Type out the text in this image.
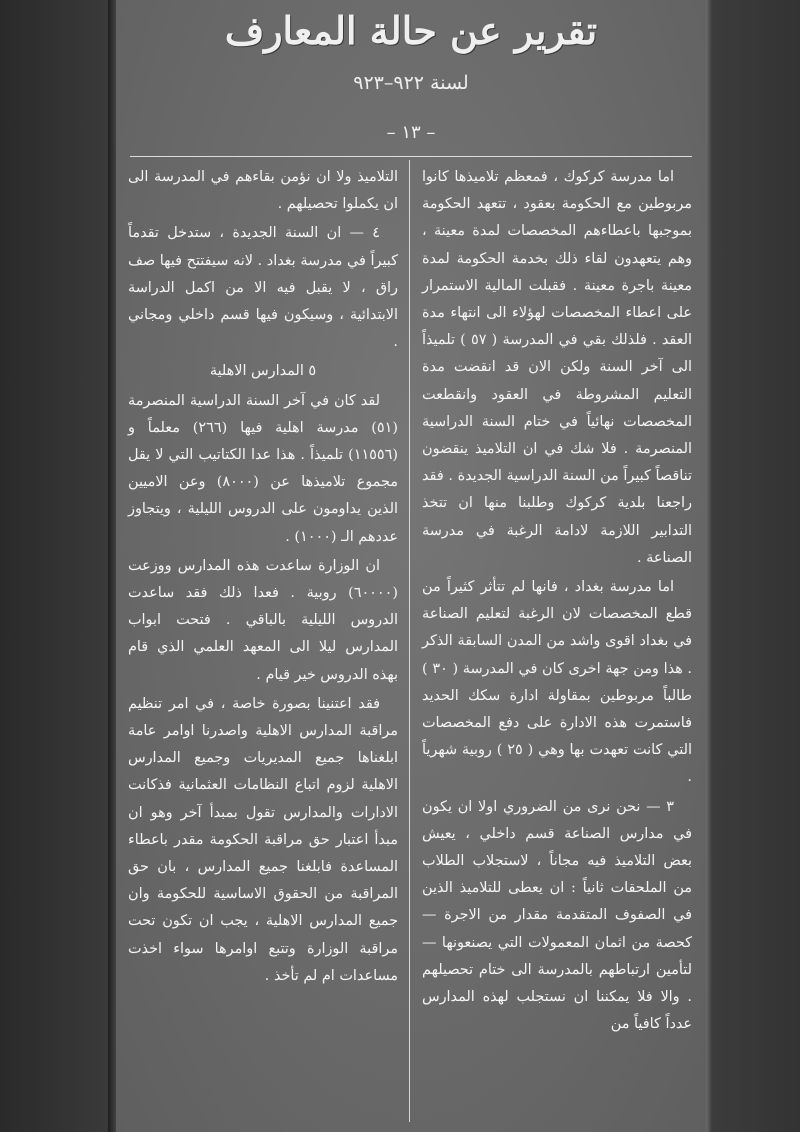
تقرير عن حالة المعارف
لسنة ٩٢٢–٩٢٣
– ١٣ –

اما مدرسة كركوك ، فمعظم تلاميذها كانوا مربوطين مع الحكومة بعقود ، تتعهد الحكومة بموجبها باعطاءهم المخصصات لمدة معينة ، وهم يتعهدون لقاء ذلك بخدمة الحكومة لمدة معينة باجرة معينة . فقبلت المالية الاستمرار على اعطاء المخصصات لهؤلاء الى انتهاء مدة العقد . فلذلك بقي في المدرسة ( ٥٧ ) تلميذاً الى آخر السنة ولكن الان قد انقضت مدة التعليم المشروطة في العقود وانقطعت المخصصات نهائياً في ختام السنة الدراسية المنصرمة . فلا شك في ان التلاميذ ينقضون تناقصاً كبيراً من السنة الدراسية الجديدة . فقد راجعنا بلدية كركوك وطلبنا منها ان تتخذ التدابير اللازمة لادامة الرغبة في مدرسة الصناعة .

اما مدرسة بغداد ، فانها لم تتأثر كثيراً من قطع المخصصات لان الرغبة لتعليم الصناعة في بغداد اقوى واشد من المدن السابقة الذكر . هذا ومن جهة اخرى كان في المدرسة ( ٣٠ ) طالباً مربوطين بمقاولة ادارة سكك الحديد فاستمرت هذه الادارة على دفع المخصصات التي كانت تعهدت بها وهي ( ٢٥ ) روبية شهرياً .

٣ — نحن نرى من الضروري اولا ان يكون في مدارس الصناعة قسم داخلي ، يعيش بعض التلاميذ فيه مجاناً ، لاستجلاب الطلاب من الملحقات ثانياً : ان يعطى للتلاميذ الذين في الصفوف المتقدمة مقدار من الاجرة — كحصة من اثمان المعمولات التي يصنعونها — لتأمين ارتباطهم بالمدرسة الى ختام تحصيلهم . والا فلا يمكننا ان نستجلب لهذه المدارس عدداً كافياً من

التلاميذ ولا ان نؤمن بقاءهم في المدرسة الى ان يكملوا تحصيلهم .

٤ — ان السنة الجديدة ، ستدخل تقدماً كبيراً في مدرسة بغداد . لانه سيفتتح فيها صف راق ، لا يقبل فيه الا من اكمل الدراسة الابتدائية ، وسيكون فيها قسم داخلي ومجاني .

٥ المدارس الاهلية

لقد كان في آخر السنة الدراسية المنصرمة (٥١) مدرسة اهلية فيها (٢٦٦) معلماً و (١١٥٥٦) تلميذاً . هذا عدا الكتاتيب التي لا يقل مجموع تلاميذها عن (٨٠٠٠) وعن الاميين الذين يداومون على الدروس الليلية ، ويتجاوز عددهم الـ (١٠٠٠) .

ان الوزارة ساعدت هذه المدارس ووزعت (٦٠٠٠٠) روبية . فعدا ذلك فقد ساعدت الدروس الليلية بالباقي . فتحت ابواب المدارس ليلا الى المعهد العلمي الذي قام بهذه الدروس خير قيام .

فقد اعتنينا بصورة خاصة ، في امر تنظيم مراقبة المدارس الاهلية واصدرنا اوامر عامة ابلغناها جميع المديريات وجميع المدارس الاهلية لزوم اتباع النظامات العثمانية فذكانت الادارات والمدارس تقول بمبدأ آخر وهو ان مبدأ اعتبار حق مراقبة الحكومة مقدر باعطاء المساعدة فابلغنا جميع المدارس ، بان حق المراقبة من الحقوق الاساسية للحكومة وان جميع المدارس الاهلية ، يجب ان تكون تحت مراقبة الوزارة وتتبع اوامرها سواء اخذت مساعدات ام لم تأخذ .
